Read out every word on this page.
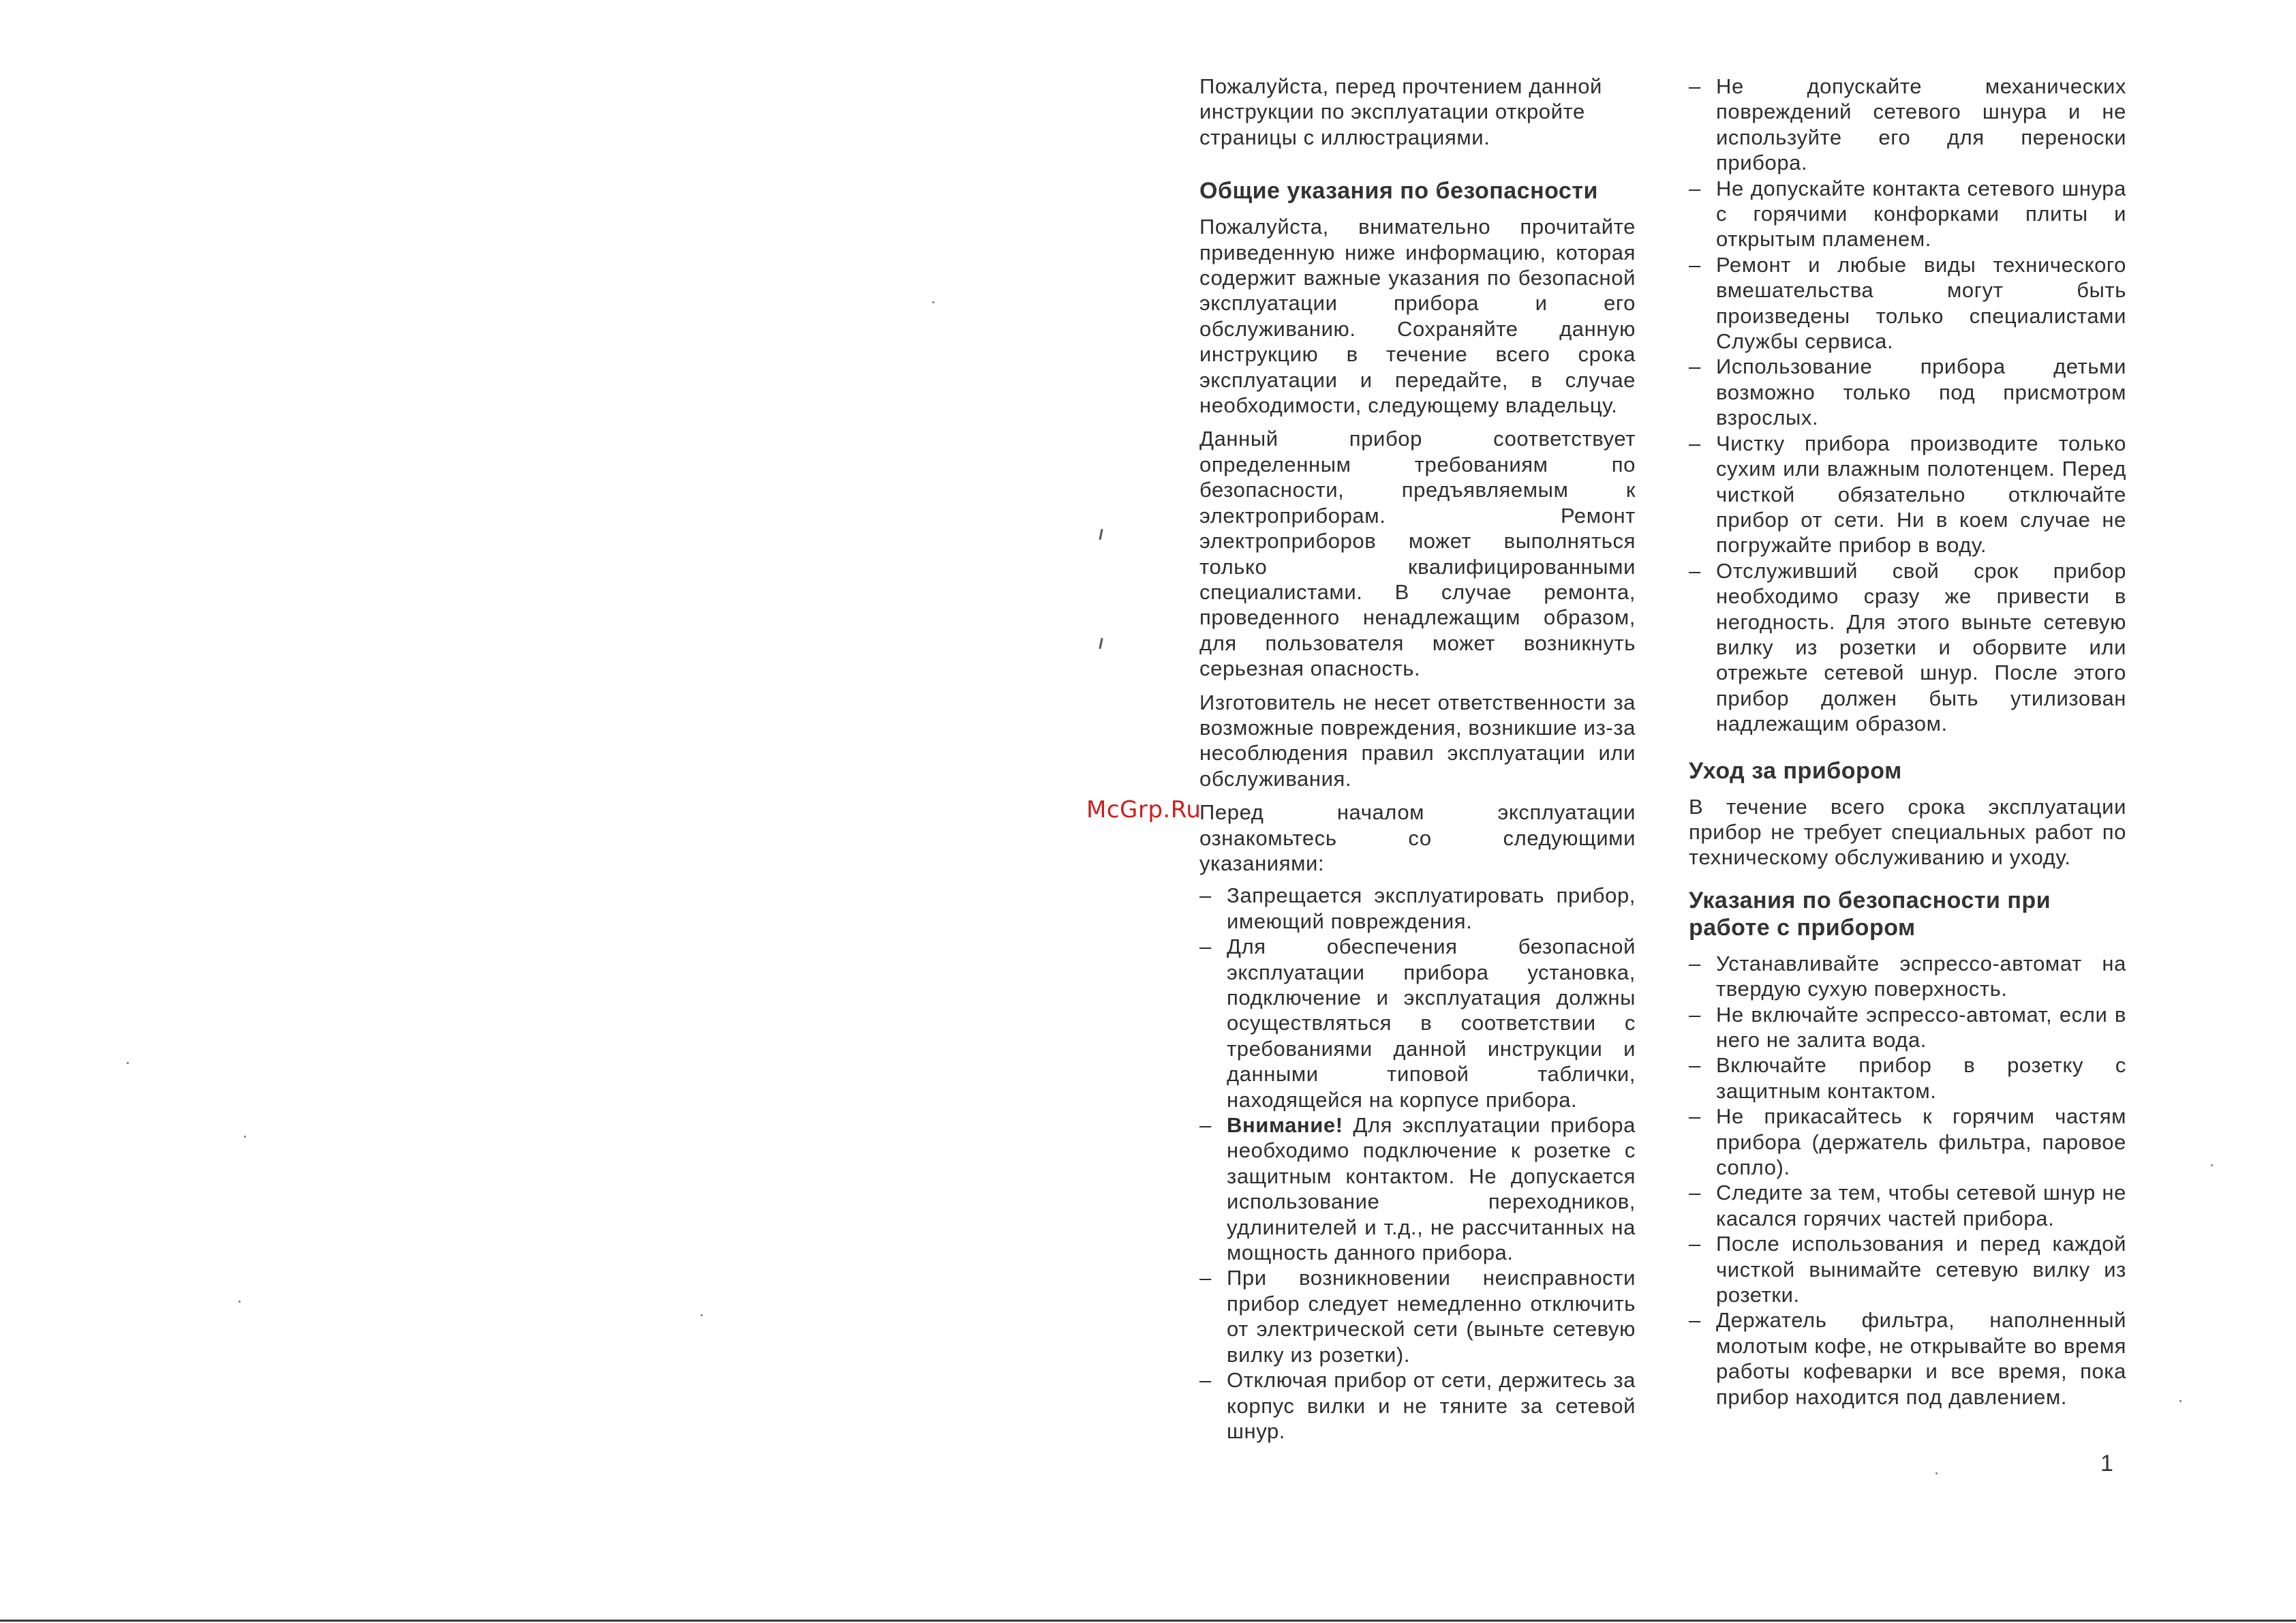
Пожалуйста, перед прочтением данной инструкции по эксплуатации откройте страницы с иллюстрациями.

Общие указания по безопасности

Пожалуйста, внимательно прочитайте приведенную ниже информацию, которая содержит важные указания по безопасной эксплуатации прибора и его обслуживанию. Сохраняйте данную инструкцию в течение всего срока эксплуатации и передайте, в случае необходимости, следующему владельцу.

Данный прибор соответствует определенным требованиям по безопасности, предъявляемым к электроприборам. Ремонт электроприборов может выполняться только квалифицированными специалистами. В случае ремонта, проведенного ненадлежащим образом, для пользователя может возникнуть серьезная опасность.

Изготовитель не несет ответственности за возможные повреждения, возникшие из-за несоблюдения правил эксплуатации или обслуживания.

Перед началом эксплуатации ознакомьтесь со следующими указаниями:

– Запрещается эксплуатировать прибор, имеющий повреждения.
– Для обеспечения безопасной эксплуатации прибора установка, подключение и эксплуатация должны осуществляться в соответствии с требованиями данной инструкции и данными типовой таблички, находящейся на корпусе прибора.
– Внимание! Для эксплуатации прибора необходимо подключение к розетке с защитным контактом. Не допускается использование переходников, удлинителей и т.д., не рассчитанных на мощность данного прибора.
– При возникновении неисправности прибор следует немедленно отключить от электрической сети (выньте сетевую вилку из розетки).
– Отключая прибор от сети, держитесь за корпус вилки и не тяните за сетевой шнур.
– Не допускайте механических повреждений сетевого шнура и не используйте его для переноски прибора.
– Не допускайте контакта сетевого шнура с горячими конфорками плиты и открытым пламенем.
– Ремонт и любые виды технического вмешательства могут быть произведены только специалистами Службы сервиса.
– Использование прибора детьми возможно только под присмотром взрослых.
– Чистку прибора производите только сухим или влажным полотенцем. Перед чисткой обязательно отключайте прибор от сети. Ни в коем случае не погружайте прибор в воду.
– Отслуживший свой срок прибор необходимо сразу же привести в негодность. Для этого выньте сетевую вилку из розетки и оборвите или отрежьте сетевой шнур. После этого прибор должен быть утилизован надлежащим образом.
Уход за прибором

В течение всего срока эксплуатации прибор не требует специальных работ по техническому обслуживанию и уходу.

Указания по безопасности при работе с прибором
– Устанавливайте эспрессо-автомат на твердую сухую поверхность.
– Не включайте эспрессо-автомат, если в него не залита вода.
– Включайте прибор в розетку с защитным контактом.
– Не прикасайтесь к горячим частям прибора (держатель фильтра, паровое сопло).
– Следите за тем, чтобы сетевой шнур не касался горячих частей прибора.
– После использования и перед каждой чисткой вынимайте сетевую вилку из розетки.
– Держатель фильтра, наполненный молотым кофе, не открывайте во время работы кофеварки и все время, пока прибор находится под давлением.
McGrp.Ru
1
